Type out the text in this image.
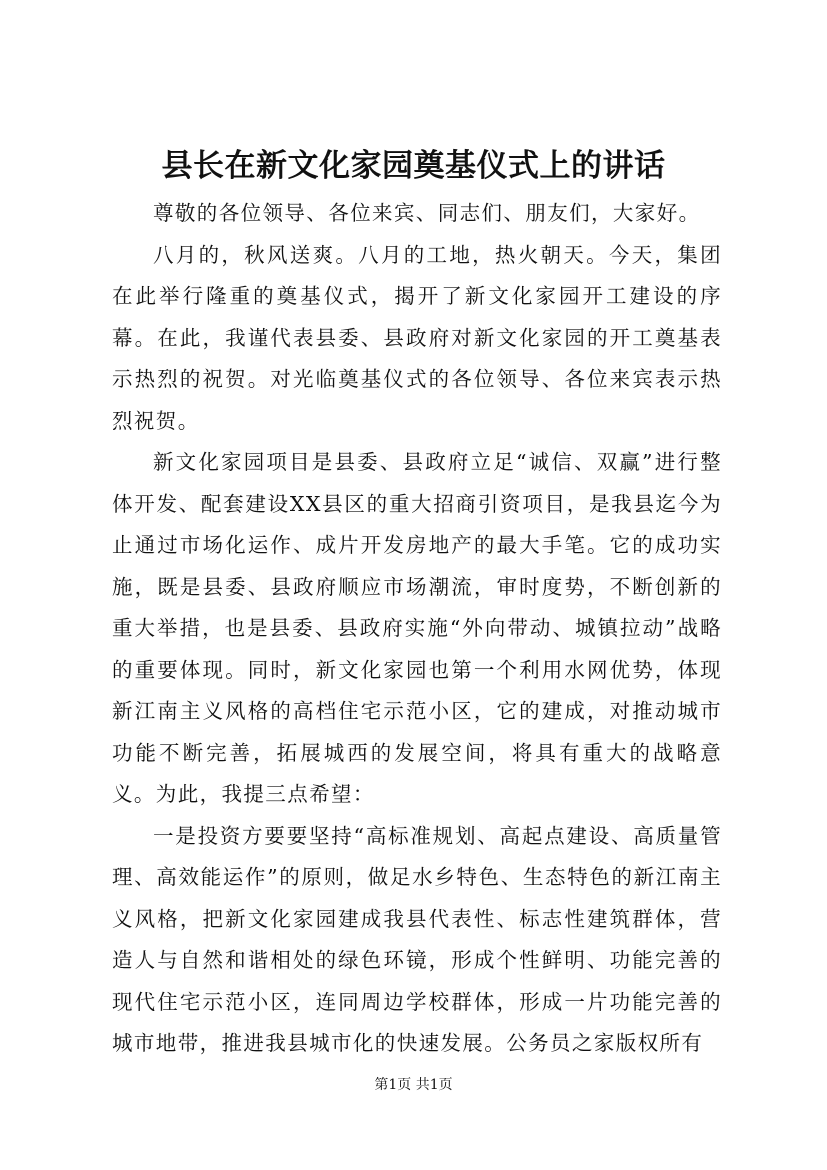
县长在新文化家园奠基仪式上的讲话

尊敬的各位领导、各位来宾、同志们、朋友们，大家好。

八月的，秋风送爽。八月的工地，热火朝天。今天，集团在此举行隆重的奠基仪式，揭开了新文化家园开工建设的序幕。在此，我谨代表县委、县政府对新文化家园的开工奠基表示热烈的祝贺。对光临奠基仪式的各位领导、各位来宾表示热烈祝贺。

新文化家园项目是县委、县政府立足“诚信、双赢”进行整体开发、配套建设XX县区的重大招商引资项目，是我县迄今为止通过市场化运作、成片开发房地产的最大手笔。它的成功实施，既是县委、县政府顺应市场潮流，审时度势，不断创新的重大举措，也是县委、县政府实施“外向带动、城镇拉动”战略的重要体现。同时，新文化家园也第一个利用水网优势，体现新江南主义风格的高档住宅示范小区，它的建成，对推动城市功能不断完善，拓展城西的发展空间，将具有重大的战略意义。为此，我提三点希望：

一是投资方要要坚持“高标准规划、高起点建设、高质量管理、高效能运作”的原则，做足水乡特色、生态特色的新江南主义风格，把新文化家园建成我县代表性、标志性建筑群体，营造人与自然和谐相处的绿色环镜，形成个性鲜明、功能完善的现代住宅示范小区，连同周边学校群体，形成一片功能完善的城市地带，推进我县城市化的快速发展。公务员之家版权所有

第1页 共1页
